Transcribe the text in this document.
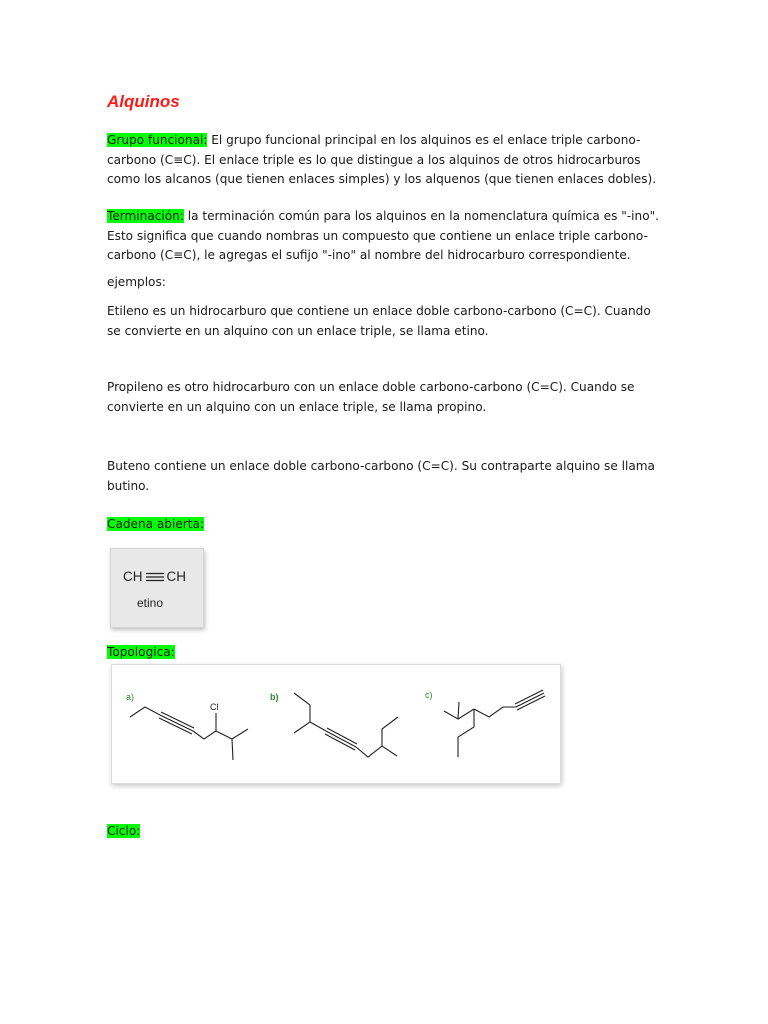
Alquinos

Grupo funcional: El grupo funcional principal en los alquinos es el enlace triple carbono-carbono (C≡C). El enlace triple es lo que distingue a los alquinos de otros hidrocarburos como los alcanos (que tienen enlaces simples) y los alquenos (que tienen enlaces dobles).

Terminación: la terminación común para los alquinos en la nomenclatura química es "-ino". Esto significa que cuando nombras un compuesto que contiene un enlace triple carbono-carbono (C≡C), le agregas el sufijo "-ino" al nombre del hidrocarburo correspondiente.

ejemplos:

Etileno es un hidrocarburo que contiene un enlace doble carbono-carbono (C=C). Cuando se convierte en un alquino con un enlace triple, se llama etino.

Propileno es otro hidrocarburo con un enlace doble carbono-carbono (C=C). Cuando se convierte en un alquino con un enlace triple, se llama propino.

Buteno contiene un enlace doble carbono-carbono (C=C). Su contraparte alquino se llama butino.

Cadena abierta:

CH CH
etino

Topologica:

a)
Cl
b)	c)

Ciclo:
